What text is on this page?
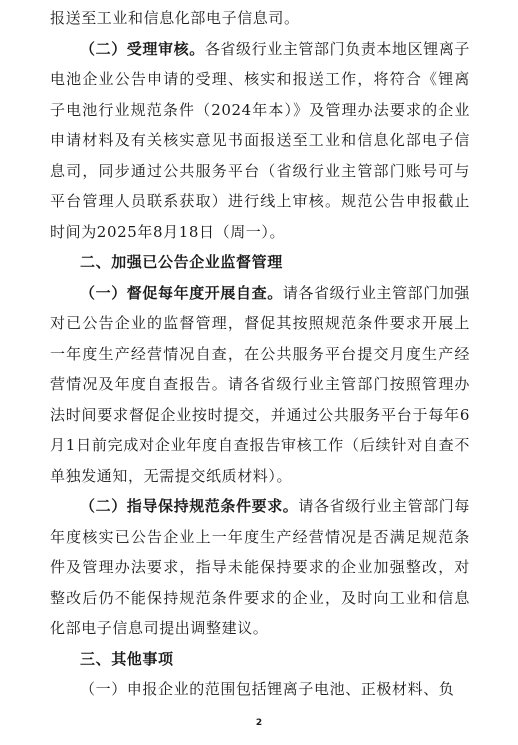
报送至工业和信息化部电子信息司。

（二）受理审核。各省级行业主管部门负责本地区锂离子电池企业公告申请的受理、核实和报送工作，将符合《锂离子电池行业规范条件（2024年本）》及管理办法要求的企业申请材料及有关核实意见书面报送至工业和信息化部电子信息司，同步通过公共服务平台（省级行业主管部门账号可与平台管理人员联系获取）进行线上审核。规范公告申报截止时间为2025年8月18日（周一）。

二、加强已公告企业监督管理

（一）督促每年度开展自查。请各省级行业主管部门加强对已公告企业的监督管理，督促其按照规范条件要求开展上一年度生产经营情况自查，在公共服务平台提交月度生产经营情况及年度自查报告。请各省级行业主管部门按照管理办法时间要求督促企业按时提交，并通过公共服务平台于每年6月1日前完成对企业年度自查报告审核工作（后续针对自查不单独发通知，无需提交纸质材料）。

（二）指导保持规范条件要求。请各省级行业主管部门每年度核实已公告企业上一年度生产经营情况是否满足规范条件及管理办法要求，指导未能保持要求的企业加强整改，对整改后仍不能保持规范条件要求的企业，及时向工业和信息化部电子信息司提出调整建议。

三、其他事项

（一）申报企业的范围包括锂离子电池、正极材料、负

2
